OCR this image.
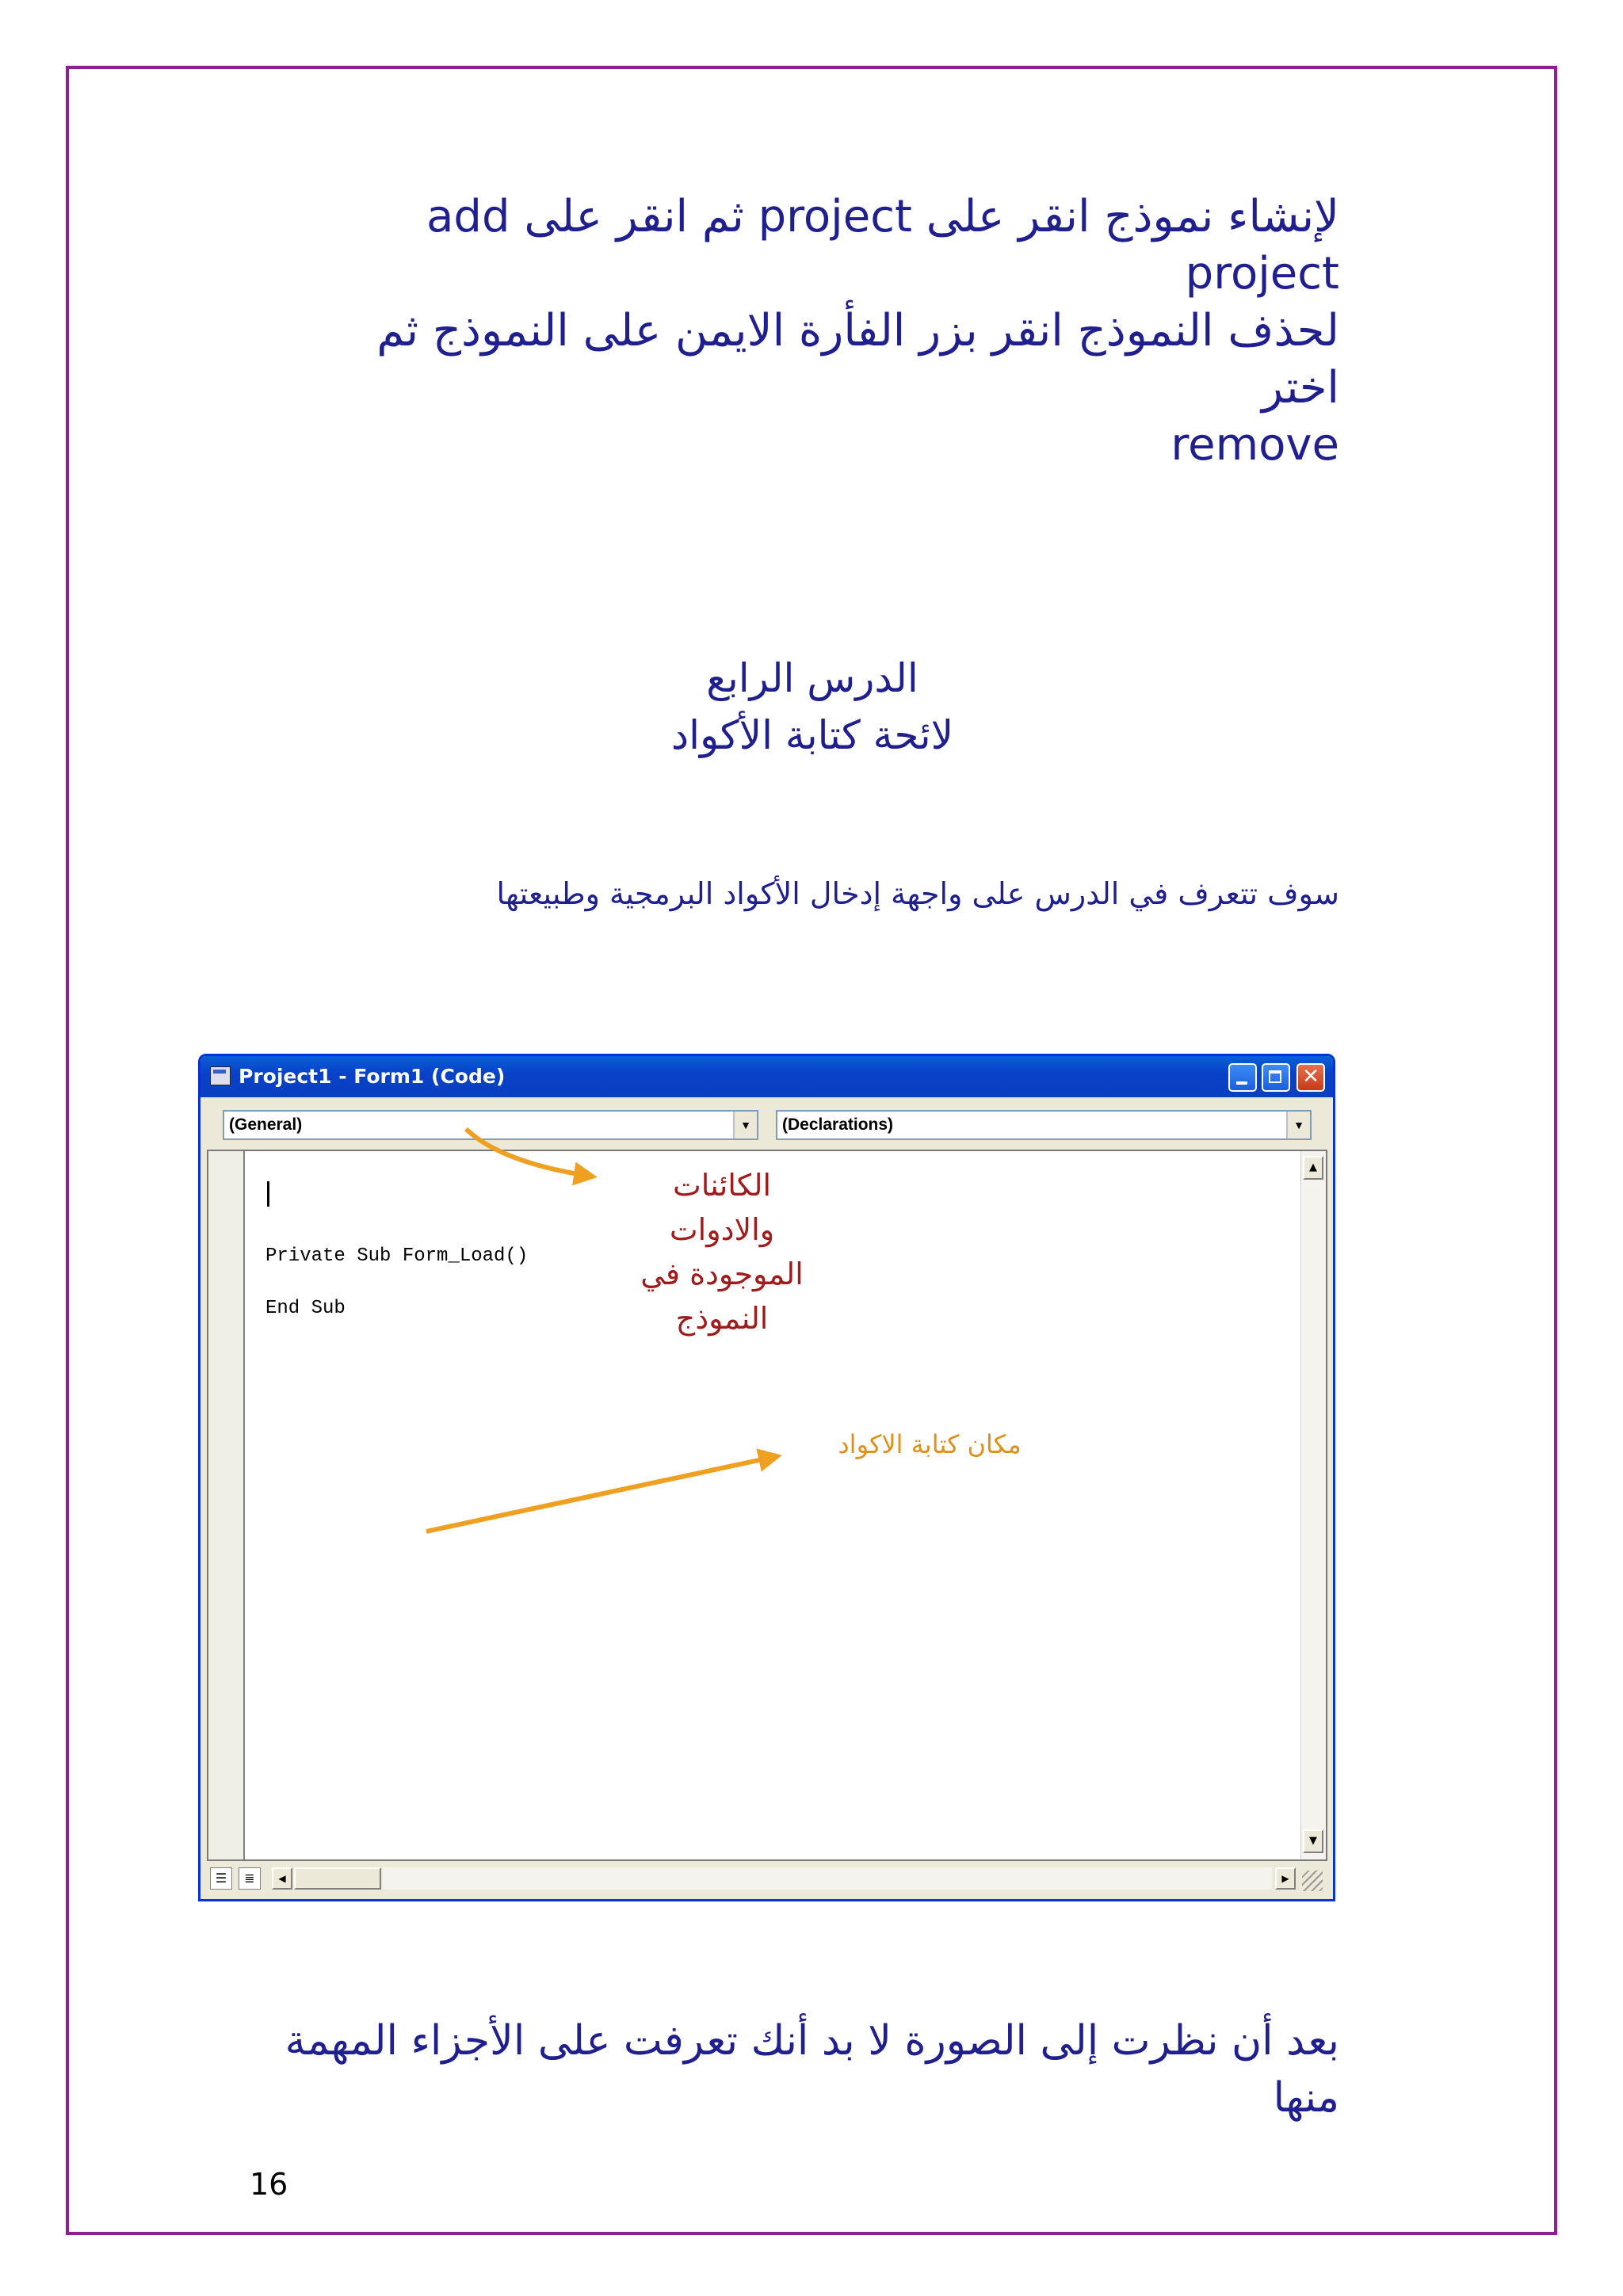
لإنشاء نموذج انقر على project ثم انقر على add project
لحذف النموذج انقر بزر الفأرة الايمن على النموذج ثم اختر
remove
الدرس الرابع
لائحة كتابة الأكواد
سوف تتعرف في الدرس على واجهة إدخال الأكواد البرمجية وطبيعتها
Project1 - Form1 (Code)	✕
(General)	▼	(Declarations)	▼
Private Sub Form_Load()
End Sub
▲
▼
☰	≣	◀	▶
الكائنات والادوات الموجودة في النموذج
مكان كتابة الاكواد
بعد أن نظرت إلى الصورة لا بد أنك تعرفت على الأجزاء المهمة منها
16
